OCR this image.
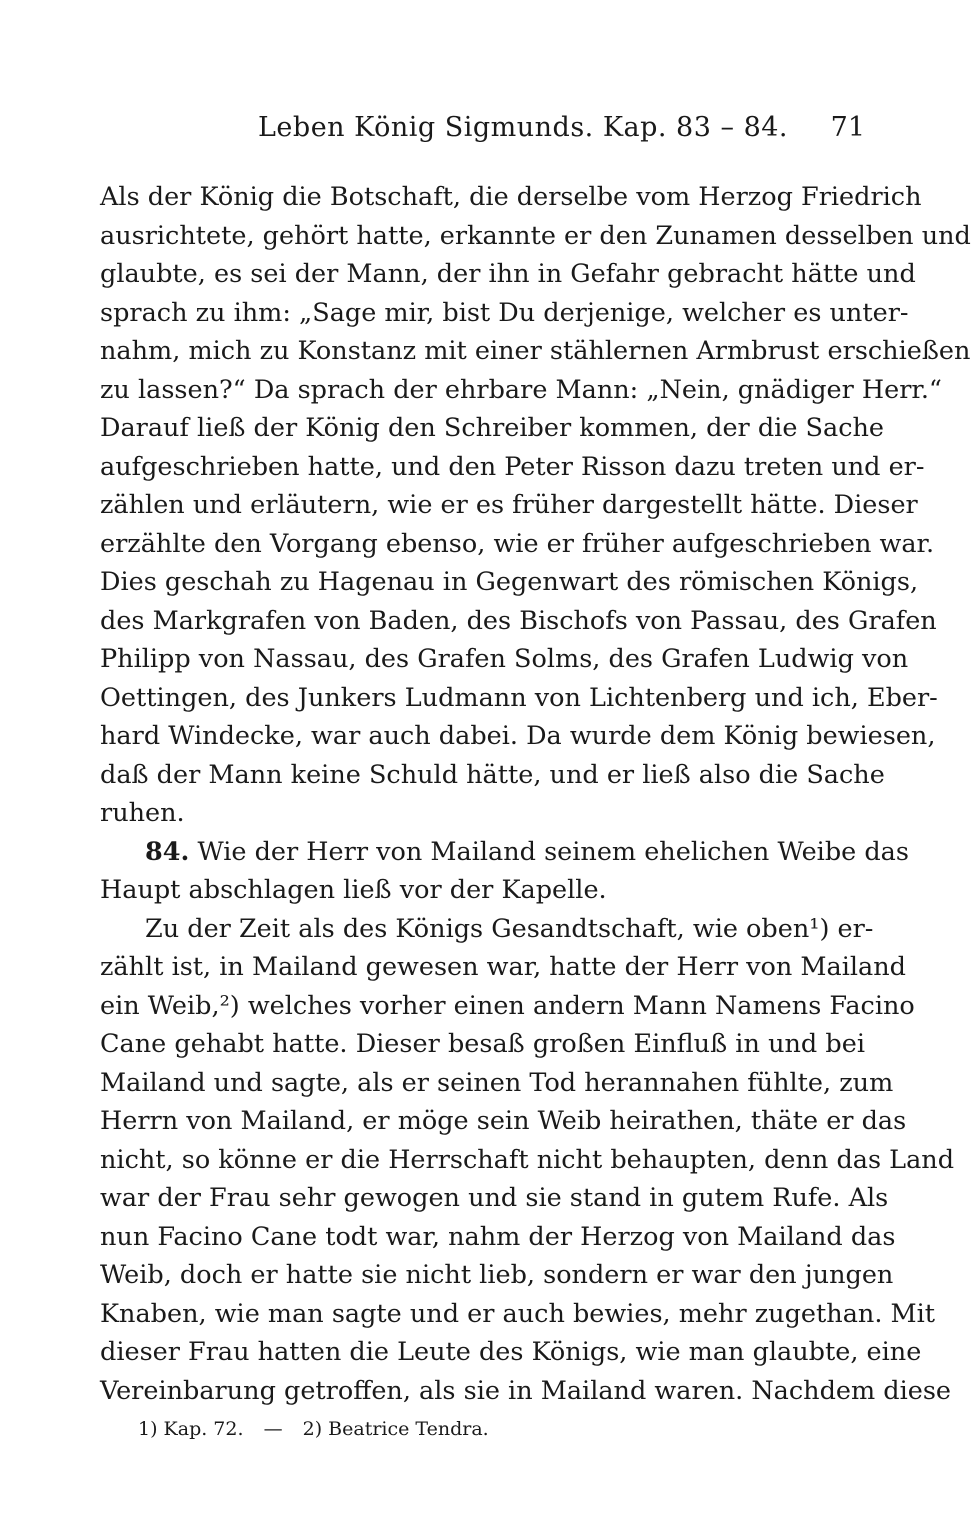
Leben König Sigmunds. Kap. 83 – 84. 71
Als der König die Botschaft, die derselbe vom Herzog Friedrich
ausrichtete, gehört hatte, erkannte er den Zunamen desselben und
glaubte, es sei der Mann, der ihn in Gefahr gebracht hätte und
sprach zu ihm: „Sage mir, bist Du derjenige, welcher es unter-
nahm, mich zu Konstanz mit einer stählernen Armbrust erschießen
zu lassen?“ Da sprach der ehrbare Mann: „Nein, gnädiger Herr.“
Darauf ließ der König den Schreiber kommen, der die Sache
aufgeschrieben hatte, und den Peter Risson dazu treten und er-
zählen und erläutern, wie er es früher dargestellt hätte. Dieser
erzählte den Vorgang ebenso, wie er früher aufgeschrieben war.
Dies geschah zu Hagenau in Gegenwart des römischen Königs,
des Markgrafen von Baden, des Bischofs von Passau, des Grafen
Philipp von Nassau, des Grafen Solms, des Grafen Ludwig von
Oettingen, des Junkers Ludmann von Lichtenberg und ich, Eber-
hard Windecke, war auch dabei. Da wurde dem König bewiesen,
daß der Mann keine Schuld hätte, und er ließ also die Sache
ruhen.
84. Wie der Herr von Mailand seinem ehelichen Weibe das
Haupt abschlagen ließ vor der Kapelle.
Zu der Zeit als des Königs Gesandtschaft, wie oben¹) er-
zählt ist, in Mailand gewesen war, hatte der Herr von Mailand
ein Weib,²) welches vorher einen andern Mann Namens Facino
Cane gehabt hatte. Dieser besaß großen Einfluß in und bei
Mailand und sagte, als er seinen Tod herannahen fühlte, zum
Herrn von Mailand, er möge sein Weib heirathen, thäte er das
nicht, so könne er die Herrschaft nicht behaupten, denn das Land
war der Frau sehr gewogen und sie stand in gutem Rufe. Als
nun Facino Cane todt war, nahm der Herzog von Mailand das
Weib, doch er hatte sie nicht lieb, sondern er war den jungen
Knaben, wie man sagte und er auch bewies, mehr zugethan. Mit
dieser Frau hatten die Leute des Königs, wie man glaubte, eine
Vereinbarung getroffen, als sie in Mailand waren. Nachdem diese
1) Kap. 72. — 2) Beatrice Tendra.
